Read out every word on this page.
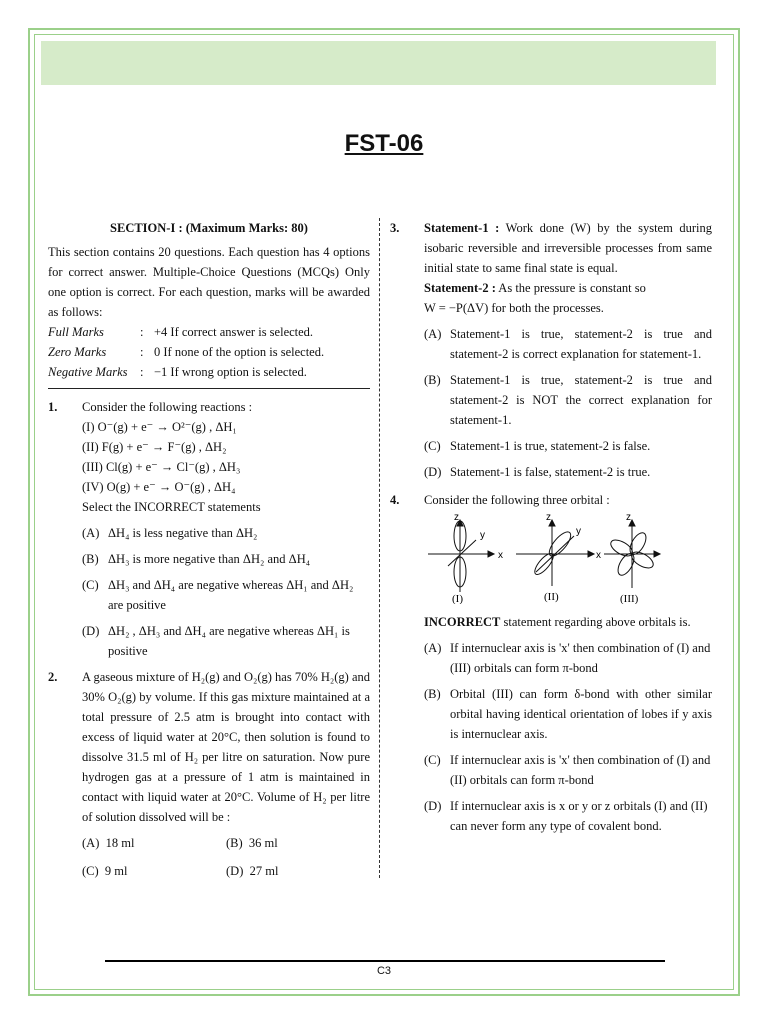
FST-06
SECTION-I : (Maximum Marks: 80)

This section contains 20 questions. Each question has 4 options for correct answer. Multiple-Choice Questions (MCQs) Only one option is correct. For each question, marks will be awarded as follows:

Full Marks	: +4 If correct answer is selected.
Zero Marks	: 0 If none of the option is selected.
Negative Marks	: −1 If wrong option is selected.
1.	Consider the following reactions :
(I) O⁻(g) + e⁻ → O²⁻(g) , ΔH₁
(II) F(g) + e⁻ → F⁻(g) , ΔH₂
(III) Cl(g) + e⁻ → Cl⁻(g) , ΔH₃
(IV) O(g) + e⁻ → O⁻(g) , ΔH₄
Select the INCORRECT statements
(A) ΔH₄ is less negative than ΔH₂
(B) ΔH₃ is more negative than ΔH₂ and ΔH₄
(C) ΔH₃ and ΔH₄ are negative whereas ΔH₁ and ΔH₂ are positive
(D) ΔH₂ , ΔH₃ and ΔH₄ are negative whereas ΔH₁ is positive
2.	A gaseous mixture of H₂(g) and O₂(g) has 70% H₂(g) and 30% O₂(g) by volume. If this gas mixture maintained at a total pressure of 2.5 atm is brought into contact with excess of liquid water at 20°C, then solution is found to dissolve 31.5 ml of H₂ per litre on saturation. Now pure hydrogen gas at a pressure of 1 atm is maintained in contact with liquid water at 20°C. Volume of H₂ per litre of solution dissolved will be :

(A) 18 ml	(B) 36 ml
(C) 9 ml	(D) 27 ml
3.	Statement-1 : Work done (W) by the system during isobaric reversible and irreversible processes from same initial state to same final state is equal.

Statement-2 : As the pressure is constant so
W = −P(ΔV) for both the processes.
(A) Statement-1 is true, statement-2 is true and statement-2 is correct explanation for statement-1.
(B) Statement-1 is true, statement-2 is true and statement-2 is NOT the correct explanation for statement-1.
(C) Statement-1 is true, statement-2 is false.
(D) Statement-1 is false, statement-2 is true.
4.	Consider the following three orbital :
z
y
x
(I)
z
y
x
(II)
z
(III)

INCORRECT statement regarding above orbitals is.

(A) If internuclear axis is 'x' then combination of (I) and (III) orbitals can form π-bond
(B) Orbital (III) can form δ-bond with other similar orbital having identical orientation of lobes if y axis is internuclear axis.
(C) If internuclear axis is 'x' then combination of (I) and (II) orbitals can form π-bond
(D) If internuclear axis is x or y or z orbitals (I) and (II) can never form any type of covalent bond.
C3
